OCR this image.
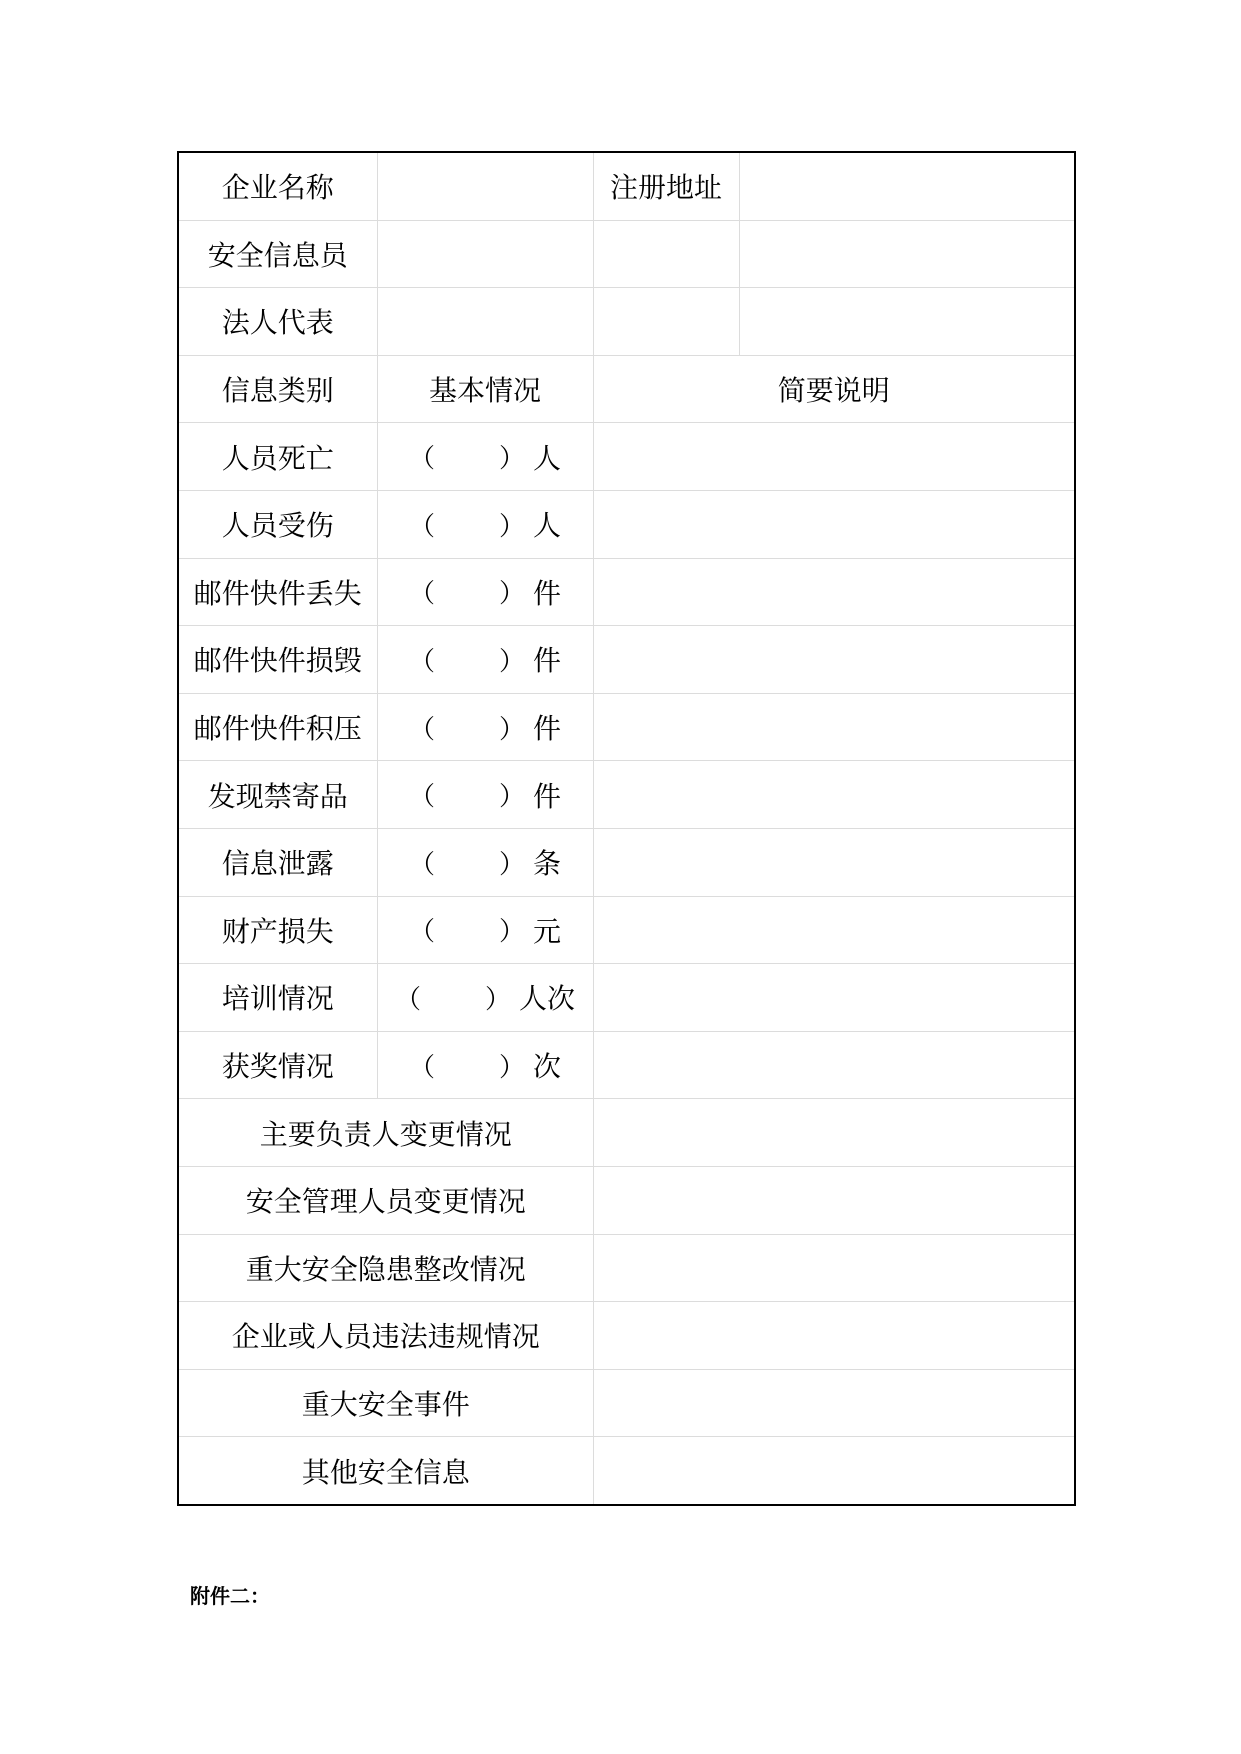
企业名称		注册地址	
安全信息员			
法人代表			
信息类别	基本情况	简要说明	
人员死亡	（ ） 人		

人员受伤	（ ） 人		

邮件快件丢失	（ ） 件		

邮件快件损毁	（ ） 件		

邮件快件积压	（ ） 件		

发现禁寄品	（ ） 件		

信息泄露	（ ） 条		

财产损失	（ ） 元		

培训情况	（ ） 人次		

获奖情况	（ ） 次		

主要负责人变更情况			
安全管理人员变更情况			
重大安全隐患整改情况			
企业或人员违法违规情况			
重大安全事件			
其他安全信息			
附件二：
